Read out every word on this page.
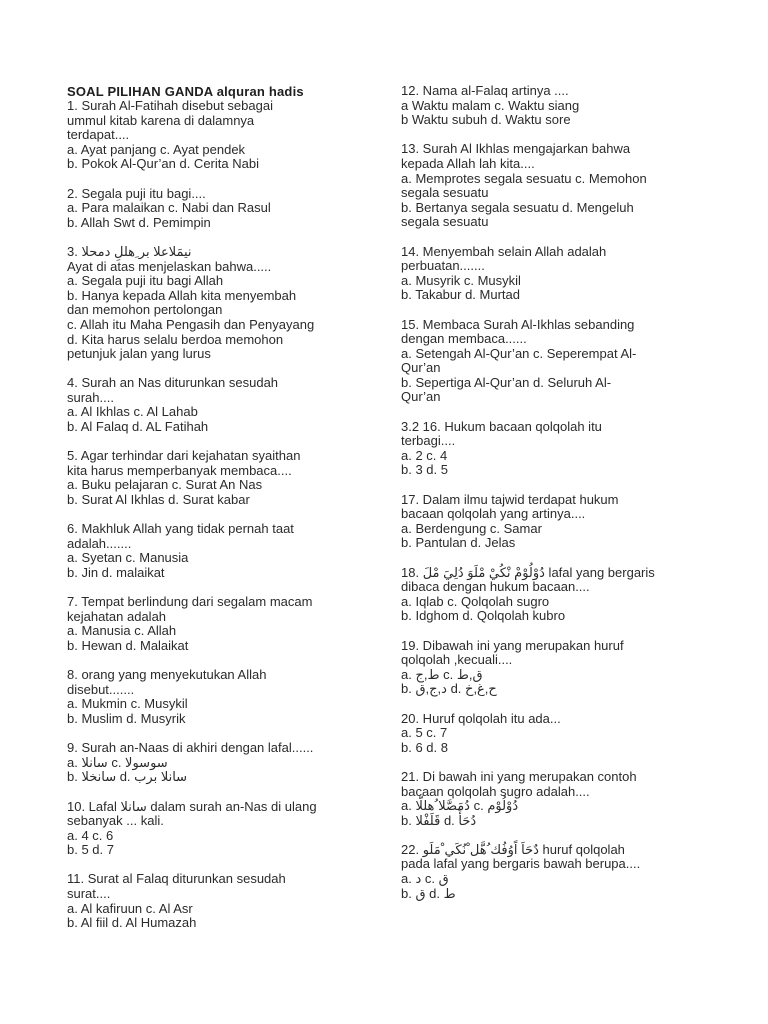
SOAL PILIHAN GANDA alquran hadis
1. Surah Al-Fatihah disebut sebagai
ummul kitab karena di dalamnya
terdapat....
a. Ayat panjang c. Ayat pendek
b. Pokok Al-Qur’an d. Cerita Nabi
2. Segala puji itu bagi....
a. Para malaikan c. Nabi dan Rasul
b. Allah Swt d. Pemimpin
3. نيمَلاعلا بر ِهللِ دمحلا
Ayat di atas menjelaskan bahwa.....
a. Segala puji itu bagi Allah
b. Hanya kepada Allah kita menyembah
dan memohon pertolongan
c. Allah itu Maha Pengasih dan Penyayang
d. Kita harus selalu berdoa memohon
petunjuk jalan yang lurus
4. Surah an Nas diturunkan sesudah
surah....
a. Al Ikhlas c. Al Lahab
b. Al Falaq d. AL Fatihah
5. Agar terhindar dari kejahatan syaithan
kita harus memperbanyak membaca....
a. Buku pelajaran c. Surat An Nas
b. Surat Al Ikhlas d. Surat kabar
6. Makhluk Allah yang tidak pernah taat
adalah.......
a. Syetan c. Manusia
b. Jin d. malaikat
7. Tempat berlindung dari segalam macam
kejahatan adalah
a. Manusia c. Allah
b. Hewan d. Malaikat
8. orang yang menyekutukan Allah
disebut.......
a. Mukmin c. Musykil
b. Muslim d. Musyrik
9. Surah an-Naas di akhiri dengan lafal......
a. سانلا c. سوسولا
b. سانخلا d. سانلا برب
10. Lafal سانلا dalam surah an-Nas di ulang
sebanyak ... kali.
a. 4 c. 6
b. 5 d. 7
11. Surat al Falaq diturunkan sesudah
surat....
a. Al kafiruun c. Al Asr
b. Al fiil d. Al Humazah
12. Nama al-Falaq artinya ....
a Waktu malam c. Waktu siang
b Waktu subuh d. Waktu sore
13. Surah Al Ikhlas mengajarkan bahwa
kepada Allah lah kita....
a. Memprotes segala sesuatu c. Memohon
segala sesuatu
b. Bertanya segala sesuatu d. Mengeluh
segala sesuatu
14. Menyembah selain Allah adalah
perbuatan.......
a. Musyrik c. Musykil
b. Takabur d. Murtad
15. Membaca Surah Al-Ikhlas sebanding
dengan membaca......
a. Setengah Al-Qur’an c. Seperempat Al-
Qur’an
b. Sepertiga Al-Qur’an d. Seluruh Al-
Qur’an
3.2 16. Hukum bacaan qolqolah itu
terbagi....
a. 2 c. 4
b. 3 d. 5
17. Dalam ilmu tajwid terdapat hukum
bacaan qolqolah yang artinya....
a. Berdengung c. Samar
b. Pantulan d. Jelas
18. دُوْلُوْمْ نْكُيْ مْلَوَ دُلِيَ مْلَ lafal yang bergaris
dibaca dengan hukum bacaan....
a. Iqlab c. Qolqolah sugro
b. Idghom d. Qolqolah kubro
19. Dibawah ini yang merupakan huruf
qolqolah ,kecuali....
a. ط,ج c. ق,ط
b. د,ج,ق d. ح,غ,خ
20. Huruf qolqolah itu ada...
a. 5 c. 7
b. 6 d. 8
21. Di bawah ini yang merupakan contoh
bacaan qolqolah sugro adalah....
a. دُمَصَّلا ُهللّا c. دُوْلُوْم
b. قَلَفْلا d. دُحَأَ
22. دٌحَاَ اًوُفُك ُهَّل ْنُكَي ْمَلَو huruf qolqolah
pada lafal yang bergaris bawah berupa....
a. د c. ق
b. ق d. ط
